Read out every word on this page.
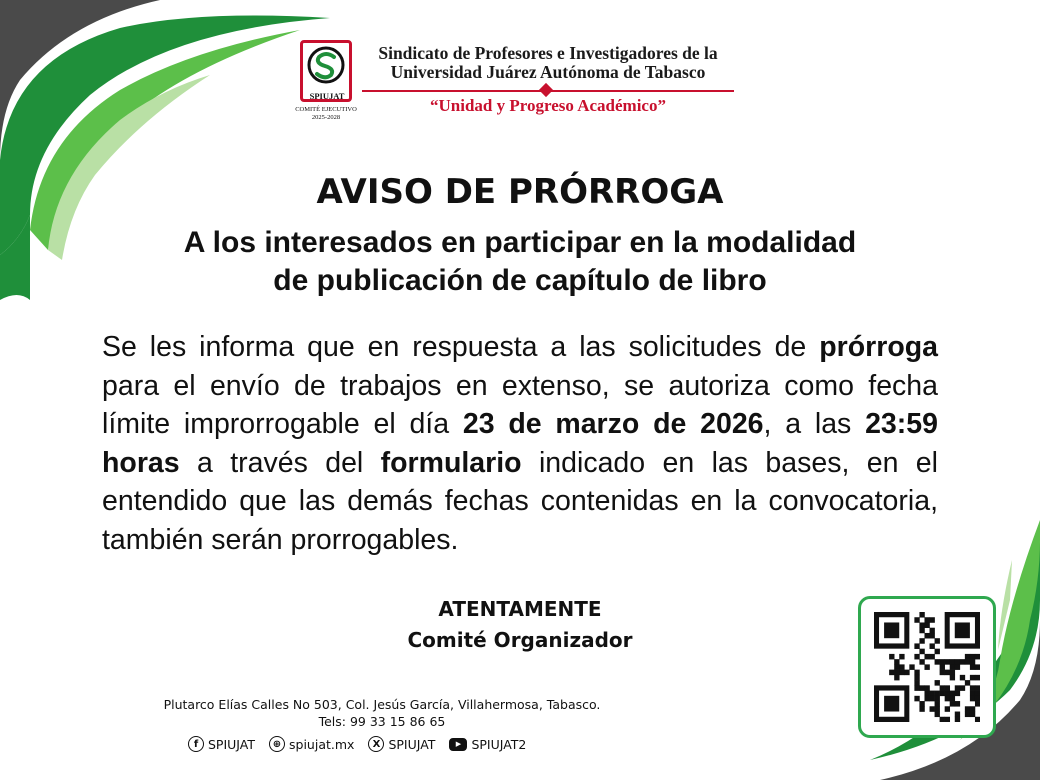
SPIUJAT
COMITÉ EJECUTIVO
2025-2028
Sindicato de Profesores e Investigadores de la
Universidad Juárez Autónoma de Tabasco
“Unidad y Progreso Académico”
AVISO DE PRÓRROGA
A los interesados en participar en la modalidad
de publicación de capítulo de libro
Se les informa que en respuesta a las solicitudes de prórroga para el envío de trabajos en extenso, se autoriza como fecha límite improrrogable el día 23 de marzo de 2026, a las 23:59 horas a través del formulario indicado en las bases, en el entendido que las demás fechas contenidas en la convocatoria, también serán prorrogables.
ATENTAMENTE
Comité Organizador
Plutarco Elías Calles No 503, Col. Jesús García, Villahermosa, Tabasco.
Tels: 99 33 15 86 65
f SPIUJAT	⊕ spiujat.mx	X SPIUJAT	▶ SPIUJAT2
